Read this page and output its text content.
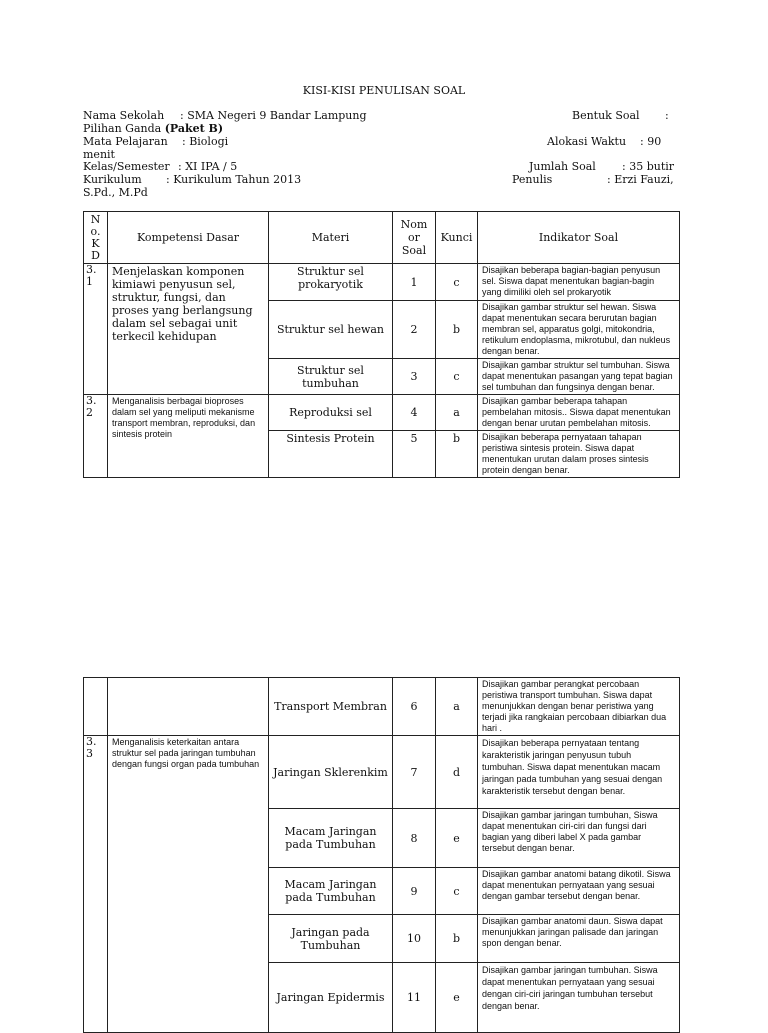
KISI-KISI PENULISAN SOAL
Nama Sekolah : SMA Negeri 9 Bandar Lampung	Bentuk Soal :
Pilihan Ganda (Paket B)
Mata Pelajaran : Biologi	Alokasi Waktu : 90
menit
Kelas/Semester : XI IPA / 5	Jumlah Soal : 35 butir
Kurikulum : Kurikulum Tahun 2013	Penulis	: Erzi Fauzi,
S.Pd., M.Pd
N
o.
K
D	Kompetensi Dasar	Materi	Nom
or
Soal	Kunci	Indikator Soal
3.
1	Menjelaskan komponen kimiawi penyusun sel, struktur, fungsi, dan proses yang berlangsung dalam sel sebagai unit terkecil kehidupan	Struktur sel prokaryotik	1	c	Disajikan beberapa bagian-bagian penyusun sel. Siswa dapat menentukan bagian-bagin yang dimiliki oleh sel prokaryotik
		Struktur sel hewan	2	b	Disajikan gambar struktur sel hewan. Siswa dapat menentukan secara berurutan bagian membran sel, apparatus golgi, mitokondria, retikulum endoplasma, mikrotubul, dan nukleus dengan benar.
		Struktur sel tumbuhan	3	c	Disajikan gambar struktur sel tumbuhan. Siswa dapat menentukan pasangan yang tepat bagian sel tumbuhan dan fungsinya dengan benar.
3.
2	Menganalisis berbagai bioproses dalam sel yang meliputi mekanisme transport membran, reproduksi, dan sintesis protein	Reproduksi sel	4	a	Disajikan gambar beberapa tahapan pembelahan mitosis.. Siswa dapat menentukan dengan benar urutan pembelahan mitosis.
		Sintesis Protein	5	b	Disajikan beberapa pernyataan tahapan peristiwa sintesis protein. Siswa dapat menentukan urutan dalam proses sintesis protein dengan benar.
		Transport Membran	6	a	Disajikan gambar perangkat percobaan peristiwa transport tumbuhan. Siswa dapat menunjukkan dengan benar peristiwa yang terjadi jika rangkaian percobaan dibiarkan dua hari .
3.
3	Menganalisis keterkaitan antara struktur sel pada jaringan tumbuhan dengan fungsi organ pada tumbuhan	Jaringan Sklerenkim	7	d	Disajikan beberapa pernyataan tentang karakteristik jaringan penyusun tubuh tumbuhan. Siswa dapat menentukan macam jaringan pada tumbuhan yang sesuai dengan karakteristik tersebut dengan benar.
		Macam Jaringan pada Tumbuhan	8	e	Disajikan gambar jaringan tumbuhan, Siswa dapat menentukan ciri-ciri dan fungsi dari bagian yang diberi label X pada gambar tersebut dengan benar.
		Macam Jaringan pada Tumbuhan	9	c	Disajikan gambar anatomi batang dikotil. Siswa dapat menentukan pernyataan yang sesuai dengan gambar tersebut dengan benar.
		Jaringan pada Tumbuhan	10	b	Disajikan gambar anatomi daun. Siswa dapat menunjukkan jaringan palisade dan jaringan spon dengan benar.
		Jaringan Epidermis	11	e	Disajikan gambar jaringan tumbuhan. Siswa dapat menentukan pernyataan yang sesuai dengan ciri-ciri jaringan tumbuhan tersebut dengan benar.
